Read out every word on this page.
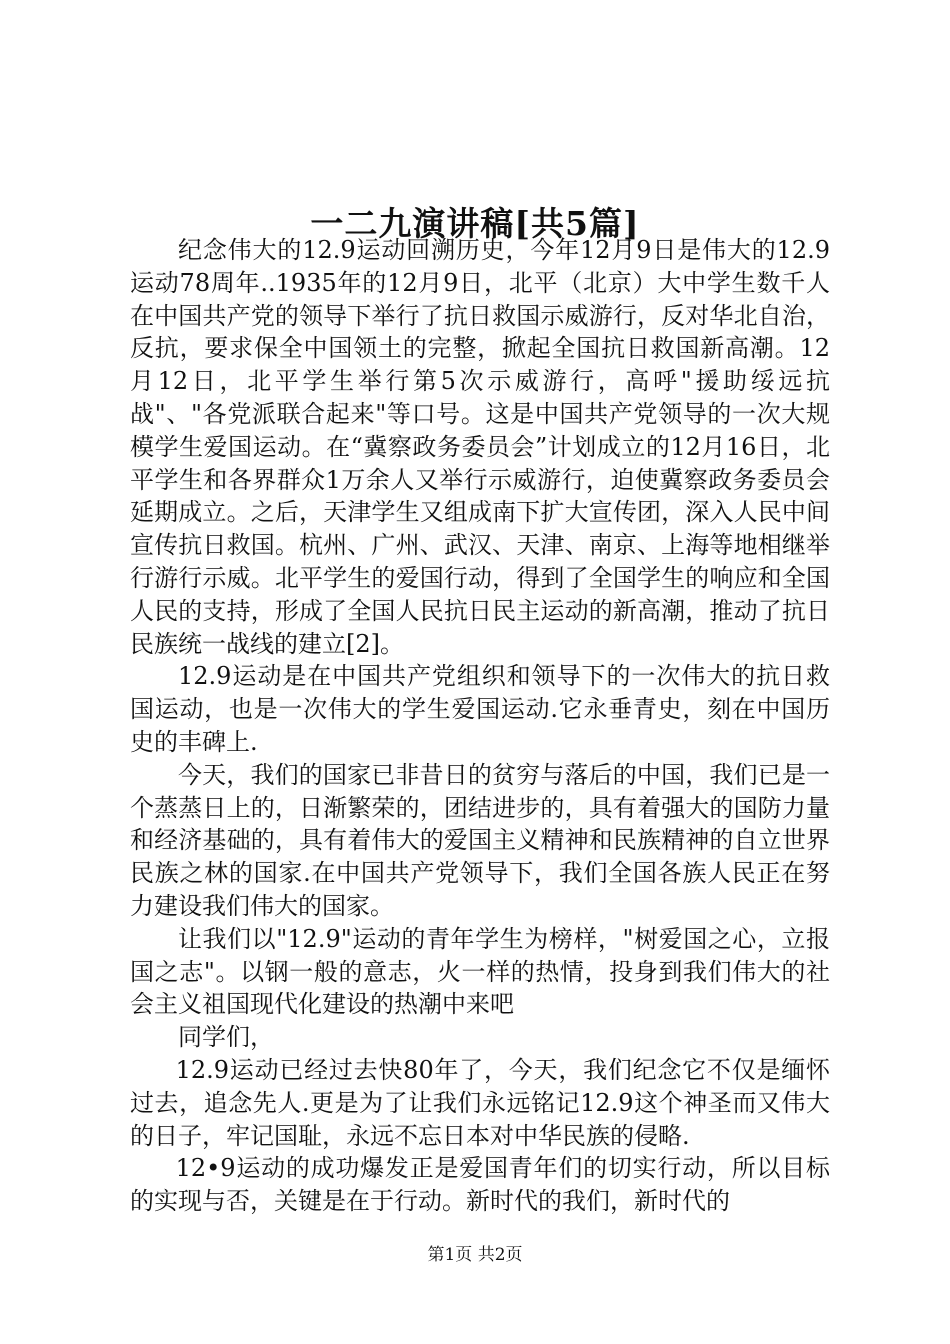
一二九演讲稿[共5篇]

纪念伟大的12.9运动回溯历史，今年12月9日是伟大的12.9运动78周年..1935年的12月9日，北平（北京）大中学生数千人在中国共产党的领导下举行了抗日救国示威游行，反对华北自治，反抗，要求保全中国领土的完整，掀起全国抗日救国新高潮。12月12日，北平学生举行第5次示威游行，高呼"援助绥远抗战"、"各党派联合起来"等口号。这是中国共产党领导的一次大规模学生爱国运动。在“冀察政务委员会”计划成立的12月16日，北平学生和各界群众1万余人又举行示威游行，迫使冀察政务委员会延期成立。之后，天津学生又组成南下扩大宣传团，深入人民中间宣传抗日救国。杭州、广州、武汉、天津、南京、上海等地相继举行游行示威。北平学生的爱国行动，得到了全国学生的响应和全国人民的支持，形成了全国人民抗日民主运动的新高潮，推动了抗日民族统一战线的建立[2]。

12.9运动是在中国共产党组织和领导下的一次伟大的抗日救国运动，也是一次伟大的学生爱国运动.它永垂青史，刻在中国历史的丰碑上.

今天，我们的国家已非昔日的贫穷与落后的中国，我们已是一个蒸蒸日上的，日渐繁荣的，团结进步的，具有着强大的国防力量和经济基础的，具有着伟大的爱国主义精神和民族精神的自立世界民族之林的国家.在中国共产党领导下，我们全国各族人民正在努力建设我们伟大的国家。

让我们以"12.9"运动的青年学生为榜样，"树爱国之心，立报国之志"。以钢一般的意志，火一样的热情，投身到我们伟大的社会主义祖国现代化建设的热潮中来吧

同学们，

12.9运动已经过去快80年了，今天，我们纪念它不仅是缅怀过去，追念先人.更是为了让我们永远铭记12.9这个神圣而又伟大的日子，牢记国耻，永远不忘日本对中华民族的侵略.

12•9运动的成功爆发正是爱国青年们的切实行动，所以目标的实现与否，关键是在于行动。新时代的我们，新时代的

第1页 共2页
